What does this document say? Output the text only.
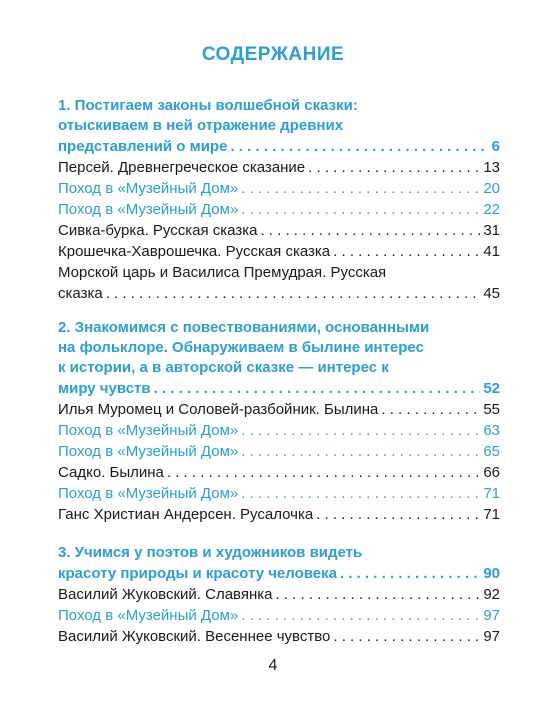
СОДЕРЖАНИЕ
1. Постигаем законы волшебной сказки:
отыскиваем в ней отражение древних
представлений о мире . . .	6
Персей. Древнегреческое сказание . . .	13
Поход в «Музейный Дом» . . .	20
Поход в «Музейный Дом» . . .	22
Сивка-бурка. Русская сказка . . .	31
Крошечка-Хаврошечка. Русская сказка . . .	41
Морской царь и Василиса Премудрая. Русская
сказка . . .	45
2. Знакомимся с повествованиями, основанными
на фольклоре. Обнаруживаем в былине интерес
к истории, а в авторской сказке — интерес к
миру чувств . . .	52
Илья Муромец и Соловей-разбойник. Былина . . .	55
Поход в «Музейный Дом» . . .	63
Поход в «Музейный Дом» . . .	65
Садко. Былина . . .	66
Поход в «Музейный Дом» . . .	71
Ганс Христиан Андерсен. Русалочка . . .	71
3. Учимся у поэтов и художников видеть
красоту природы и красоту человека . . .	90
Василий Жуковский. Славянка . . .	92
Поход в «Музейный Дом» . . .	97
Василий Жуковский. Весеннее чувство . . .	97
4
